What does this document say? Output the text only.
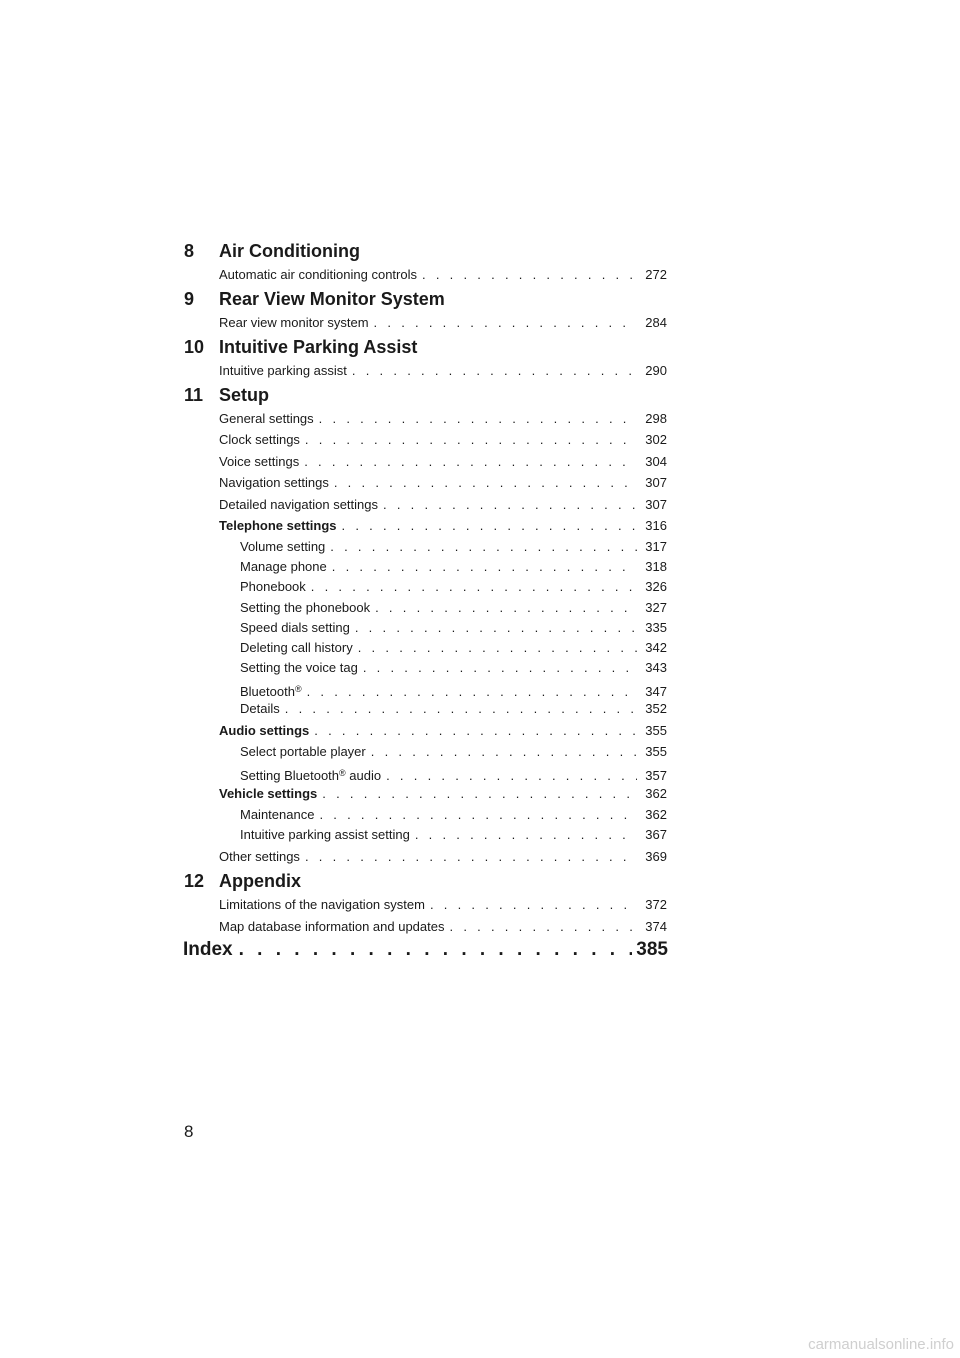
8	Air Conditioning
Automatic air conditioning controls . . .	272
9	Rear View Monitor System
Rear view monitor system . . .	284
10 Intuitive Parking Assist
Intuitive parking assist . . .	290
11 Setup
General settings . . .	298
Clock settings . . .	302
Voice settings . . .	304
Navigation settings . . .	307
Detailed navigation settings . . .	307
Telephone settings . . .	316
Volume setting . . .	317
Manage phone . . .	318
Phonebook . . .	326
Setting the phonebook . . .	327
Speed dials setting . . .	335
Deleting call history . . .	342
Setting the voice tag . . .	343
Bluetooth® . . .	347
Details . . .	352
Audio settings . . .	355
Select portable player . . .	355
Setting Bluetooth® audio . . .	357
Vehicle settings . . .	362
Maintenance . . .	362
Intuitive parking assist setting . . .	367
Other settings . . .	369
12 Appendix
Limitations of the navigation system . . .	372
Map database information and updates . . .	374
Index . . .	385
8
carmanualsonline.info
